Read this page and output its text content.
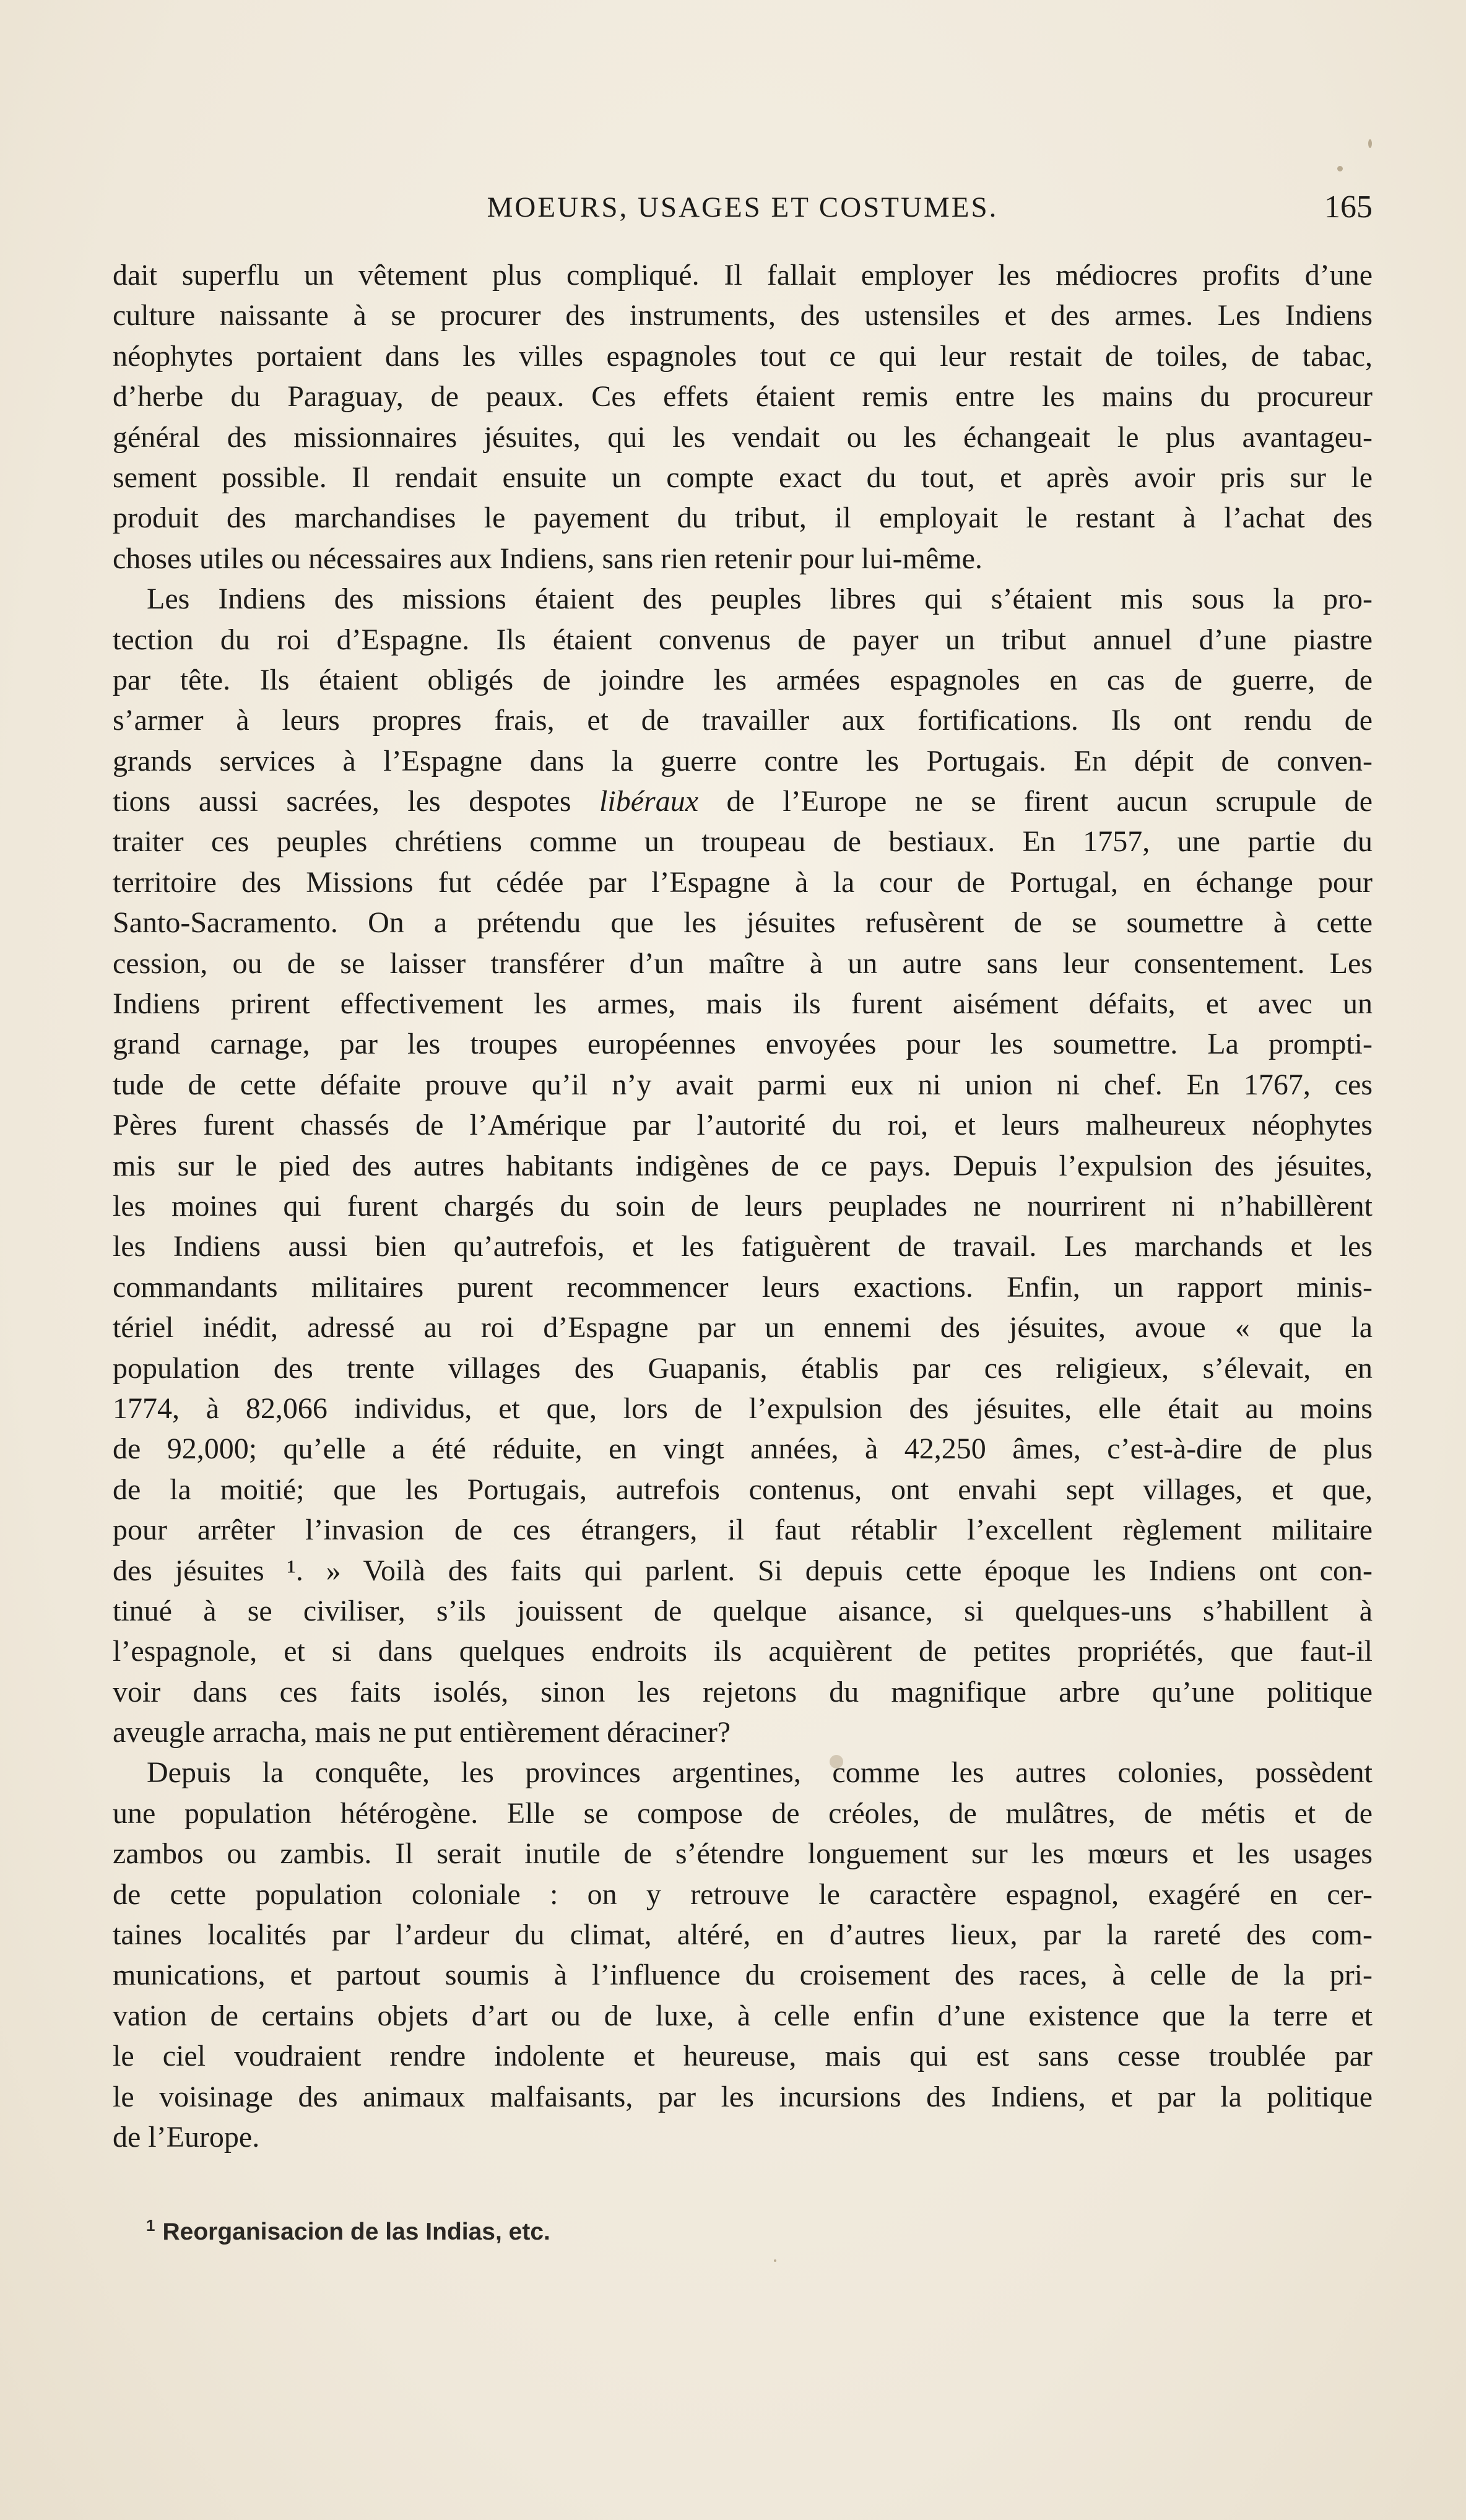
MOEURS, USAGES ET COSTUMES.	165
dait superflu un vêtement plus compliqué. Il fallait employer les médiocres profits d’une
culture naissante à se procurer des instruments, des ustensiles et des armes. Les Indiens
néophytes portaient dans les villes espagnoles tout ce qui leur restait de toiles, de tabac,
d’herbe du Paraguay, de peaux. Ces effets étaient remis entre les mains du procureur
général des missionnaires jésuites, qui les vendait ou les échangeait le plus avantageu-
sement possible. Il rendait ensuite un compte exact du tout, et après avoir pris sur le
produit des marchandises le payement du tribut, il employait le restant à l’achat des
choses utiles ou nécessaires aux Indiens, sans rien retenir pour lui-même.
Les Indiens des missions étaient des peuples libres qui s’étaient mis sous la pro-
tection du roi d’Espagne. Ils étaient convenus de payer un tribut annuel d’une piastre
par tête. Ils étaient obligés de joindre les armées espagnoles en cas de guerre, de
s’armer à leurs propres frais, et de travailler aux fortifications. Ils ont rendu de
grands services à l’Espagne dans la guerre contre les Portugais. En dépit de conven-
tions aussi sacrées, les despotes libéraux de l’Europe ne se firent aucun scrupule de
traiter ces peuples chrétiens comme un troupeau de bestiaux. En 1757, une partie du
territoire des Missions fut cédée par l’Espagne à la cour de Portugal, en échange pour
Santo-Sacramento. On a prétendu que les jésuites refusèrent de se soumettre à cette
cession, ou de se laisser transférer d’un maître à un autre sans leur consentement. Les
Indiens prirent effectivement les armes, mais ils furent aisément défaits, et avec un
grand carnage, par les troupes européennes envoyées pour les soumettre. La prompti-
tude de cette défaite prouve qu’il n’y avait parmi eux ni union ni chef. En 1767, ces
Pères furent chassés de l’Amérique par l’autorité du roi, et leurs malheureux néophytes
mis sur le pied des autres habitants indigènes de ce pays. Depuis l’expulsion des jésuites,
les moines qui furent chargés du soin de leurs peuplades ne nourrirent ni n’habillèrent
les Indiens aussi bien qu’autrefois, et les fatiguèrent de travail. Les marchands et les
commandants militaires purent recommencer leurs exactions. Enfin, un rapport minis-
tériel inédit, adressé au roi d’Espagne par un ennemi des jésuites, avoue « que la
population des trente villages des Guapanis, établis par ces religieux, s’élevait, en
1774, à 82,066 individus, et que, lors de l’expulsion des jésuites, elle était au moins
de 92,000; qu’elle a été réduite, en vingt années, à 42,250 âmes, c’est-à-dire de plus
de la moitié; que les Portugais, autrefois contenus, ont envahi sept villages, et que,
pour arrêter l’invasion de ces étrangers, il faut rétablir l’excellent règlement militaire
des jésuites ¹. » Voilà des faits qui parlent. Si depuis cette époque les Indiens ont con-
tinué à se civiliser, s’ils jouissent de quelque aisance, si quelques-uns s’habillent à
l’espagnole, et si dans quelques endroits ils acquièrent de petites propriétés, que faut-il
voir dans ces faits isolés, sinon les rejetons du magnifique arbre qu’une politique
aveugle arracha, mais ne put entièrement déraciner?
Depuis la conquête, les provinces argentines, comme les autres colonies, possèdent
une population hétérogène. Elle se compose de créoles, de mulâtres, de métis et de
zambos ou zambis. Il serait inutile de s’étendre longuement sur les mœurs et les usages
de cette population coloniale : on y retrouve le caractère espagnol, exagéré en cer-
taines localités par l’ardeur du climat, altéré, en d’autres lieux, par la rareté des com-
munications, et partout soumis à l’influence du croisement des races, à celle de la pri-
vation de certains objets d’art ou de luxe, à celle enfin d’une existence que la terre et
le ciel voudraient rendre indolente et heureuse, mais qui est sans cesse troublée par
le voisinage des animaux malfaisants, par les incursions des Indiens, et par la politique
de l’Europe.
$^1$ Reorganisacion de las Indias, etc.
